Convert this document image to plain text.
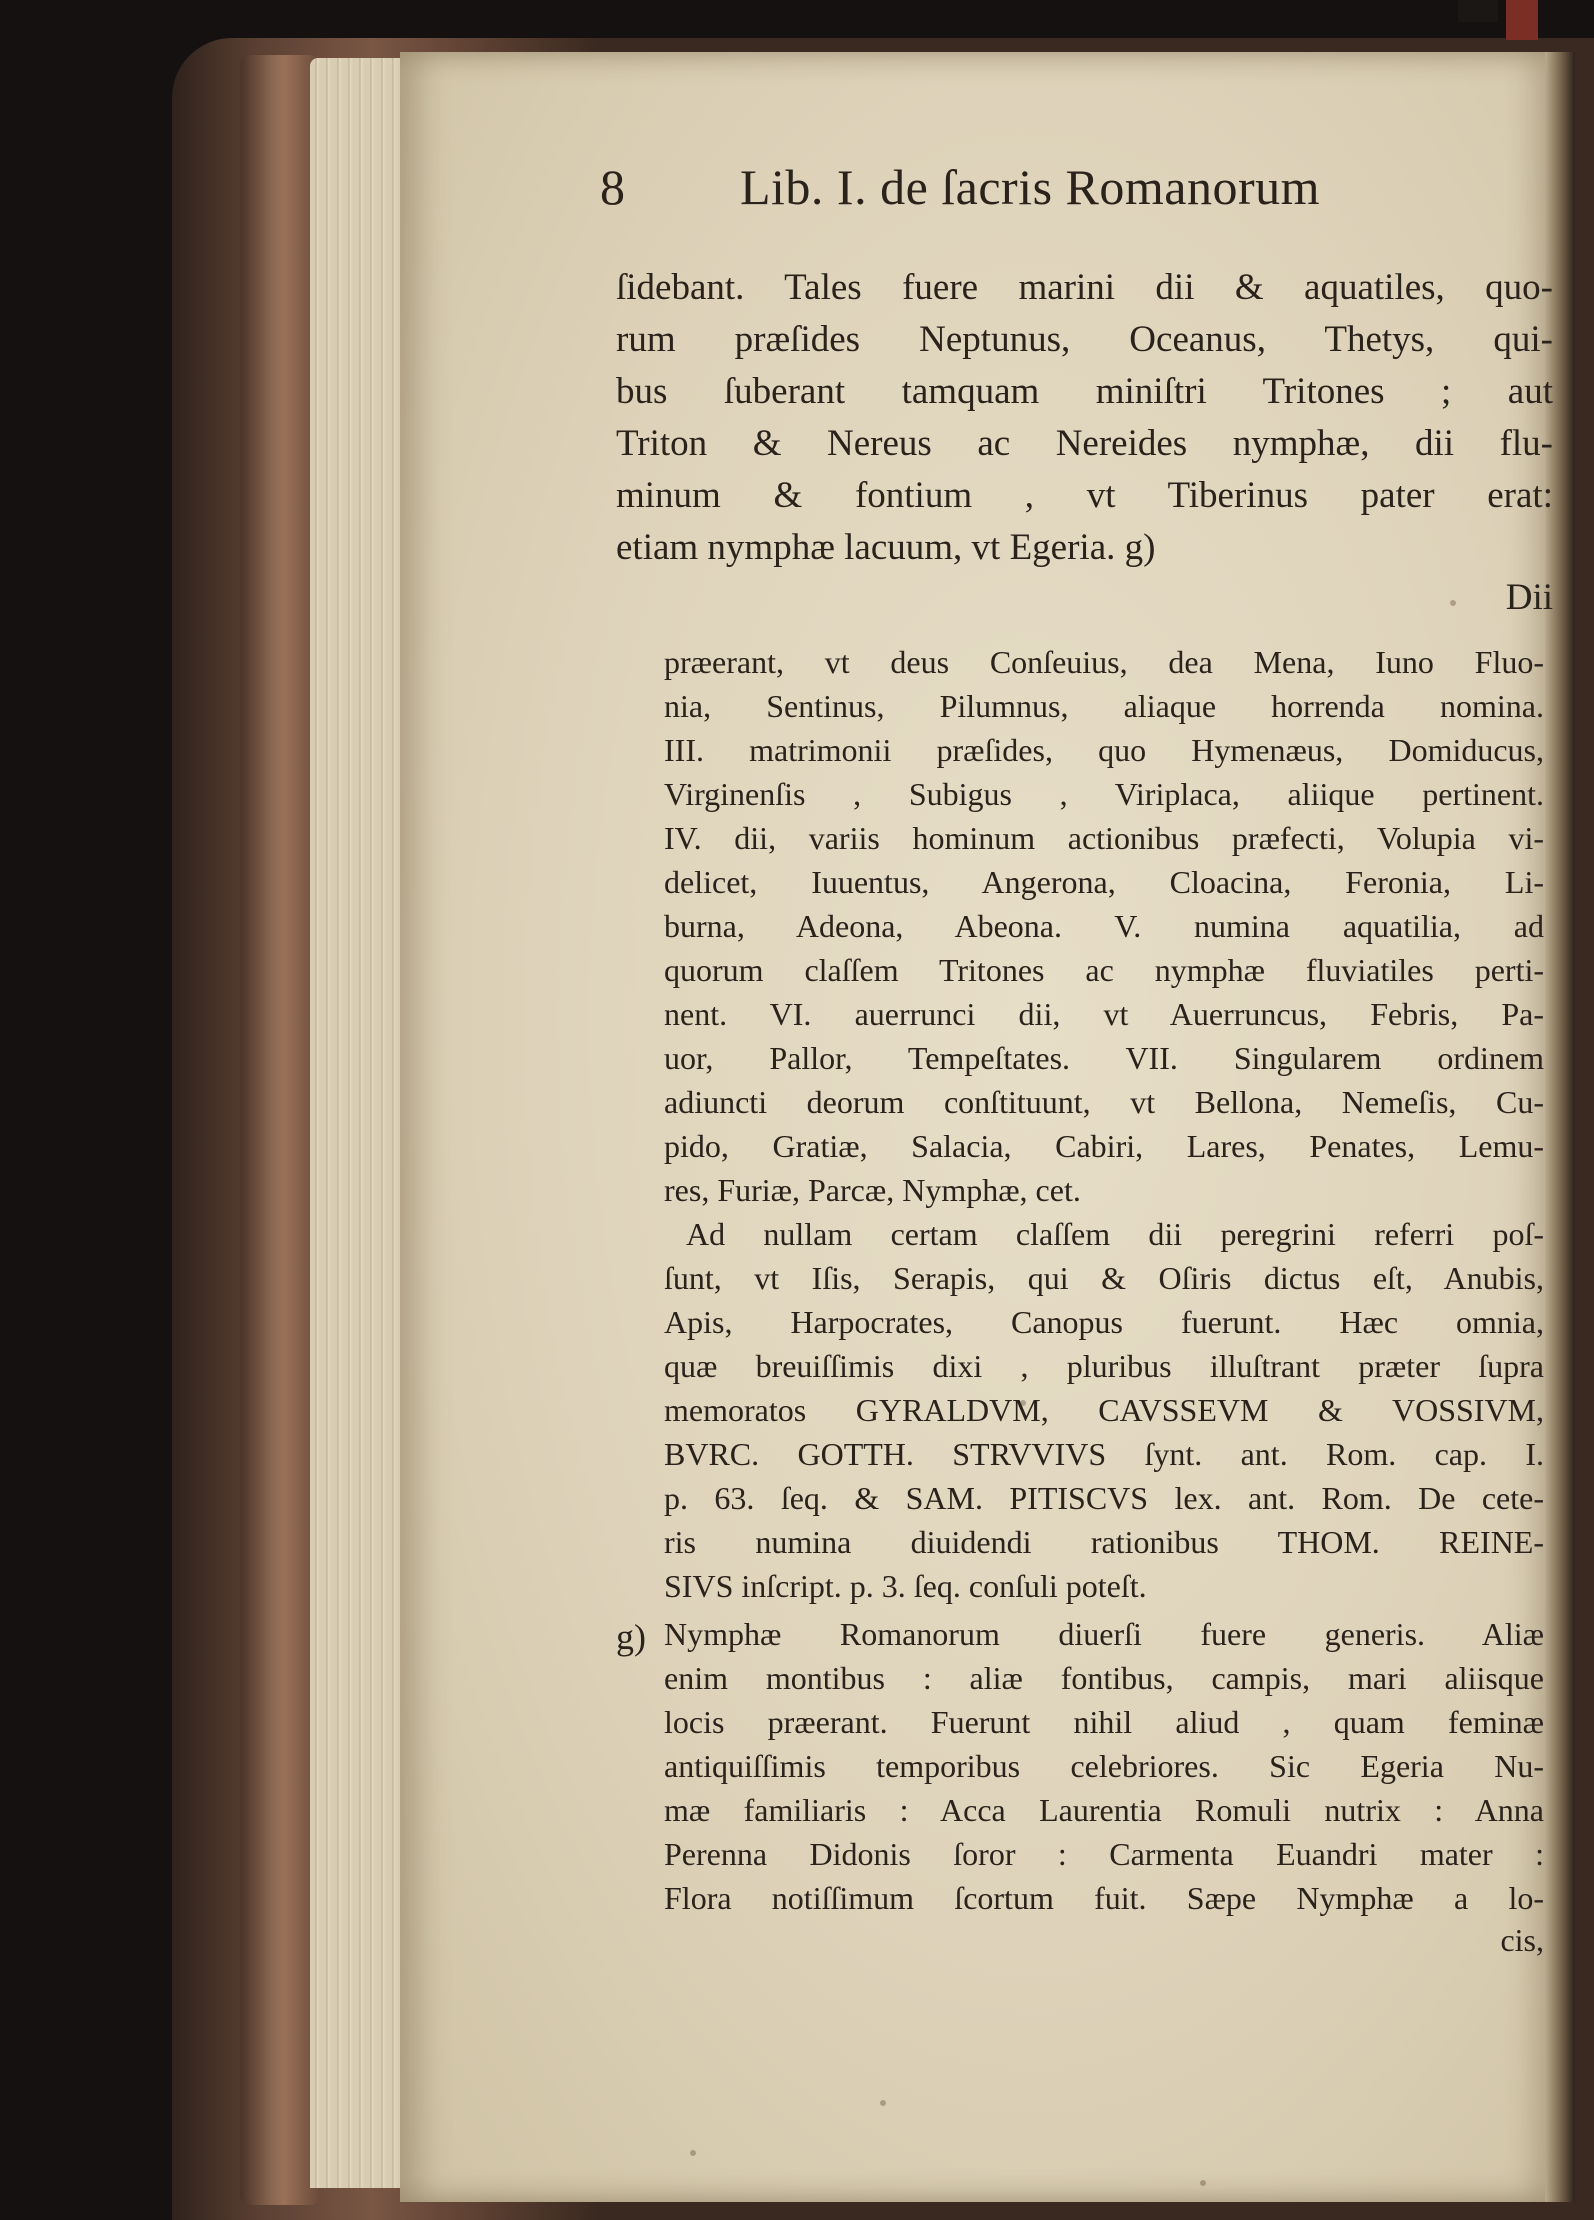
8 Lib. I. de ſacris Romanorum
ſidebant. Tales fuere marini dii & aquatiles, quo-
rum præſides Neptunus, Oceanus, Thetys, qui-
bus ſuberant tamquam miniſtri Tritones ; aut
Triton & Nereus ac Nereides nymphæ, dii flu-
minum & fontium , vt Tiberinus pater erat:
etiam nymphæ lacuum, vt Egeria. g)
Dii
præerant, vt deus Conſeuius, dea Mena, Iuno Fluo-
nia, Sentinus, Pilumnus, aliaque horrenda nomina.
III. matrimonii præſides, quo Hymenæus, Domiducus,
Virginenſis , Subigus , Viriplaca, aliique pertinent.
IV. dii, variis hominum actionibus præfecti, Volupia vi-
delicet, Iuuentus, Angerona, Cloacina, Feronia, Li-
burna, Adeona, Abeona. V. numina aquatilia, ad
quorum claſſem Tritones ac nymphæ fluviatiles perti-
nent. VI. auerrunci dii, vt Auerruncus, Febris, Pa-
uor, Pallor, Tempeſtates. VII. Singularem ordinem
adiuncti deorum conſtituunt, vt Bellona, Nemeſis, Cu-
pido, Gratiæ, Salacia, Cabiri, Lares, Penates, Lemu-
res, Furiæ, Parcæ, Nymphæ, cet.
Ad nullam certam claſſem dii peregrini referri poſ-
ſunt, vt Iſis, Serapis, qui & Oſiris dictus eſt, Anubis,
Apis, Harpocrates, Canopus fuerunt. Hæc omnia,
quæ breuiſſimis dixi , pluribus illuſtrant præter ſupra
memoratos GYRALDVM, CAVSSEVM & VOSSIVM,
BVRC. GOTTH. STRVVIVS ſynt. ant. Rom. cap. I.
p. 63. ſeq. & SAM. PITISCVS lex. ant. Rom. De cete-
ris numina diuidendi rationibus THOM. REINE-
SIVS inſcript. p. 3. ſeq. conſuli poteſt.
g) Nymphæ Romanorum diuerſi fuere generis. Aliæ
enim montibus : aliæ fontibus, campis, mari aliisque
locis præerant. Fuerunt nihil aliud , quam feminæ
antiquiſſimis temporibus celebriores. Sic Egeria Nu-
mæ familiaris : Acca Laurentia Romuli nutrix : Anna
Perenna Didonis ſoror : Carmenta Euandri mater :
Flora notiſſimum ſcortum fuit. Sæpe Nymphæ a lo-
cis,
